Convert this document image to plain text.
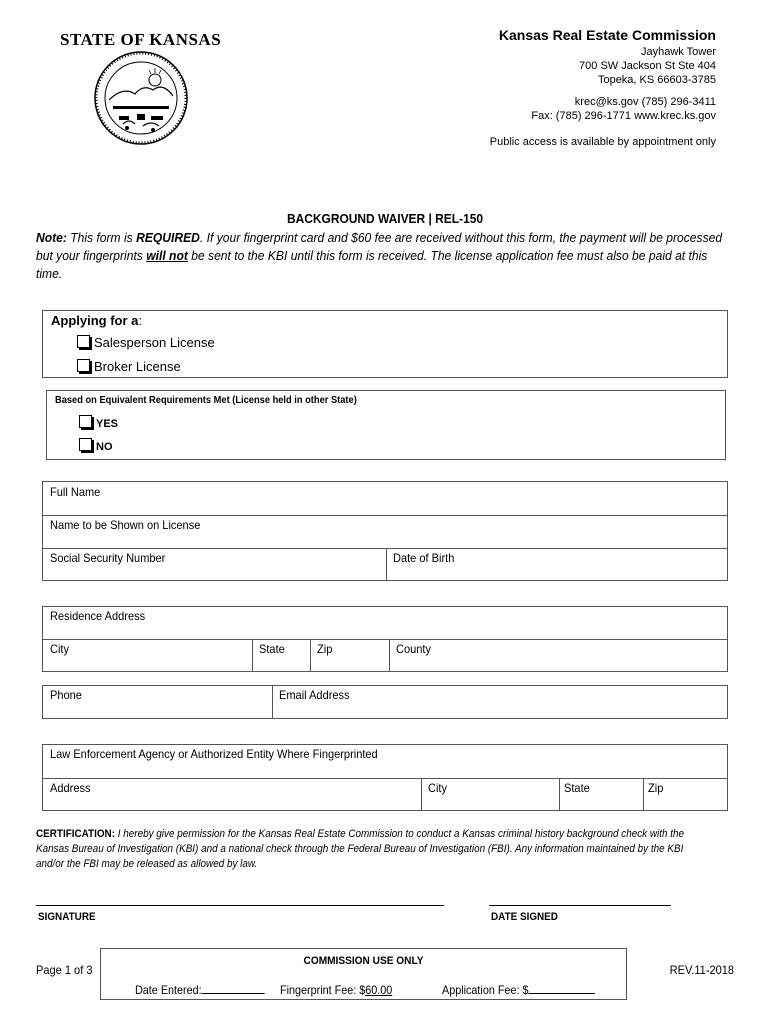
STATE OF KANSAS	Kansas Real Estate Commission
Jayhawk Tower
700 SW Jackson St Ste 404
Topeka, KS 66603-3785
krec@ks.gov (785) 296-3411
Fax: (785) 296-1771 www.krec.ks.gov
Public access is available by appointment only
BACKGROUND WAIVER | REL-150
Note: This form is REQUIRED. If your fingerprint card and $60 fee are received without this form, the payment will be processed but your fingerprints will not be sent to the KBI until this form is received. The license application fee must also be paid at this time.
Applying for a:
Salesperson License
Broker License
Based on Equivalent Requirements Met (License held in other State)
YES
NO
Full Name
Name to be Shown on License
Social Security Number	Date of Birth
Residence Address
City	State	Zip	County
Phone	Email Address
Law Enforcement Agency or Authorized Entity Where Fingerprinted
Address	City	State	Zip
CERTIFICATION: I hereby give permission for the Kansas Real Estate Commission to conduct a Kansas criminal history background check with the Kansas Bureau of Investigation (KBI) and a national check through the Federal Bureau of Investigation (FBI). Any information maintained by the KBI and/or the FBI may be released as allowed by law.
SIGNATURE	DATE SIGNED
Page 1 of 3	REV.11-2018
COMMISSION USE ONLY
Date Entered:	Fingerprint Fee: $60.00	Application Fee: $
